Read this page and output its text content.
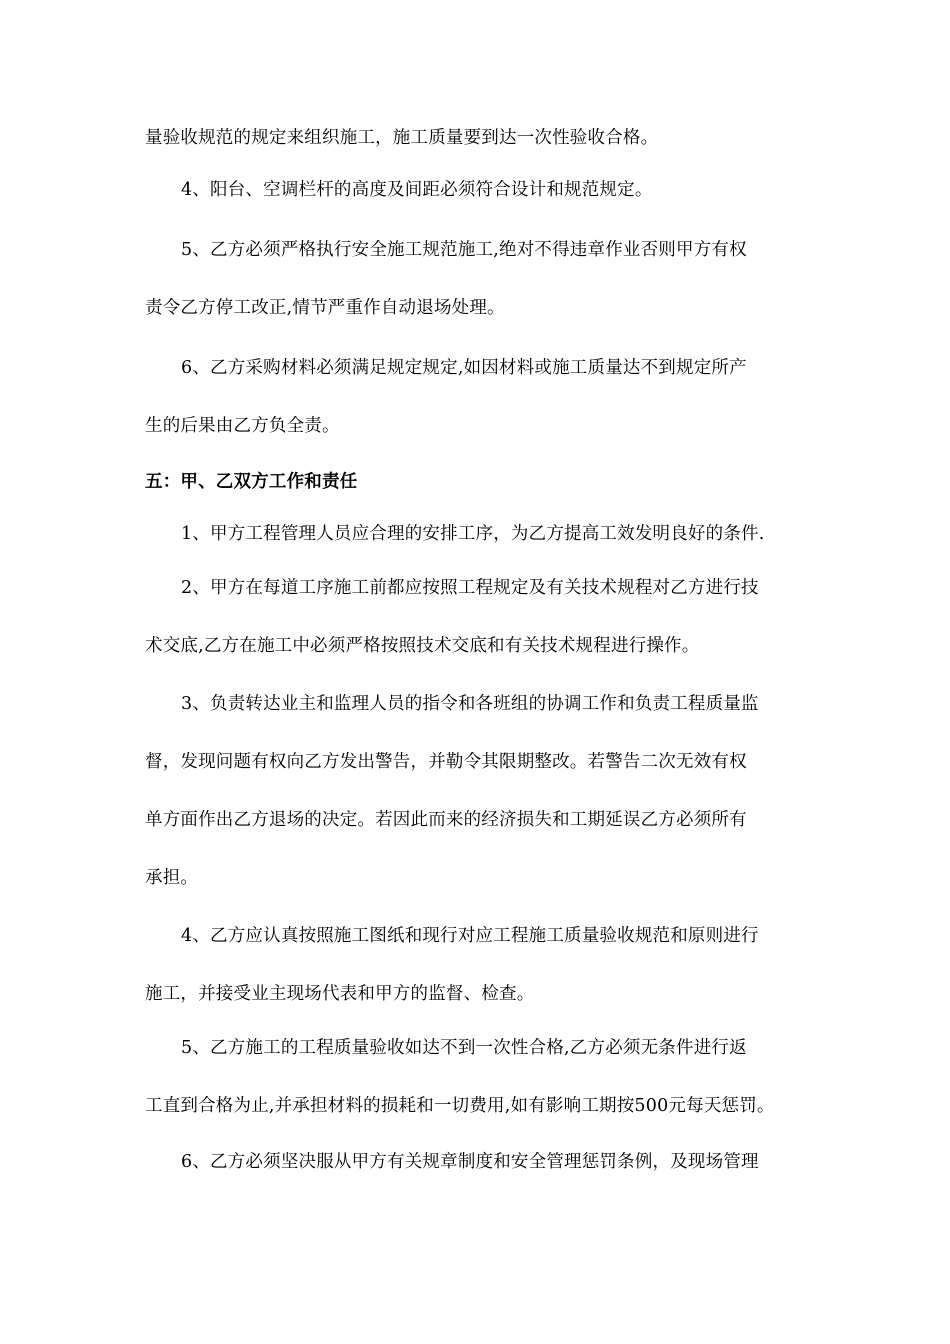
量验收规范的规定来组织施工，施工质量要到达一次性验收合格。
4、阳台、空调栏杆的高度及间距必须符合设计和规范规定。
5、乙方必须严格执行安全施工规范施工,绝对不得违章作业否则甲方有权
责令乙方停工改正,情节严重作自动退场处理。
6、乙方采购材料必须满足规定规定,如因材料或施工质量达不到规定所产
生的后果由乙方负全责。
五：甲、乙双方工作和责任
1、甲方工程管理人员应合理的安排工序，为乙方提高工效发明良好的条件.
2、甲方在每道工序施工前都应按照工程规定及有关技术规程对乙方进行技
术交底,乙方在施工中必须严格按照技术交底和有关技术规程进行操作。
3、负责转达业主和监理人员的指令和各班组的协调工作和负责工程质量监
督，发现问题有权向乙方发出警告，并勒令其限期整改。若警告二次无效有权
单方面作出乙方退场的决定。若因此而来的经济损失和工期延误乙方必须所有
承担。
4、乙方应认真按照施工图纸和现行对应工程施工质量验收规范和原则进行
施工，并接受业主现场代表和甲方的监督、检查。
5、乙方施工的工程质量验收如达不到一次性合格,乙方必须无条件进行返
工直到合格为止,并承担材料的损耗和一切费用,如有影响工期按500元每天惩罚。
6、乙方必须坚决服从甲方有关规章制度和安全管理惩罚条例，及现场管理
